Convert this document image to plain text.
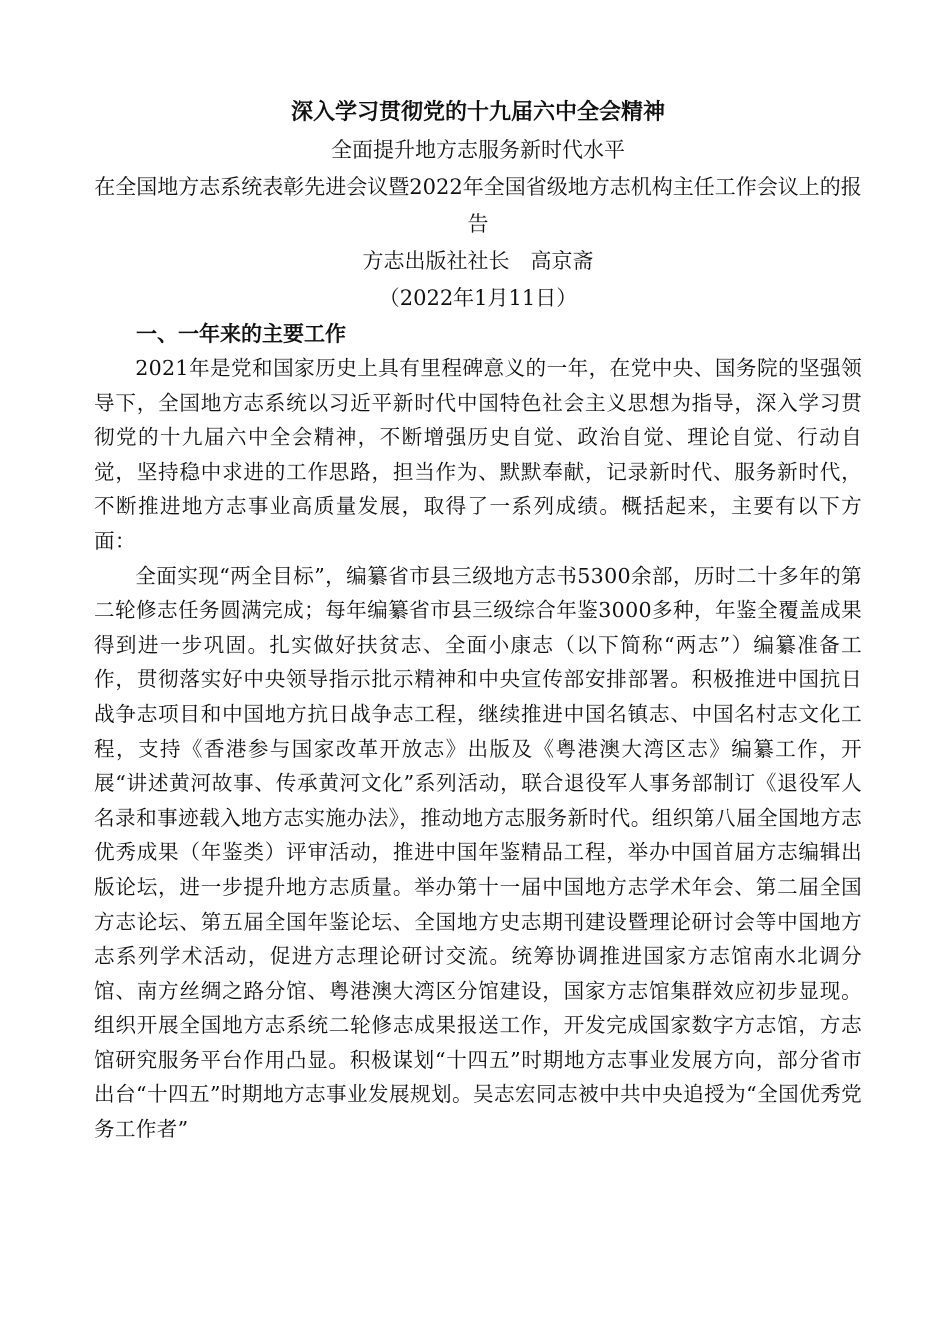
深入学习贯彻党的十九届六中全会精神

全面提升地方志服务新时代水平

在全国地方志系统表彰先进会议暨2022年全国省级地方志机构主任工作会议上的报告

方志出版社社长　高京斋

（2022年1月11日）

一、一年来的主要工作

2021年是党和国家历史上具有里程碑意义的一年，在党中央、国务院的坚强领导下，全国地方志系统以习近平新时代中国特色社会主义思想为指导，深入学习贯彻党的十九届六中全会精神，不断增强历史自觉、政治自觉、理论自觉、行动自觉，坚持稳中求进的工作思路，担当作为、默默奉献，记录新时代、服务新时代，不断推进地方志事业高质量发展，取得了一系列成绩。概括起来，主要有以下方面：

全面实现“两全目标”，编纂省市县三级地方志书5300余部，历时二十多年的第二轮修志任务圆满完成；每年编纂省市县三级综合年鉴3000多种，年鉴全覆盖成果得到进一步巩固。扎实做好扶贫志、全面小康志（以下简称“两志”）编纂准备工作，贯彻落实好中央领导指示批示精神和中央宣传部安排部署。积极推进中国抗日战争志项目和中国地方抗日战争志工程，继续推进中国名镇志、中国名村志文化工程，支持《香港参与国家改革开放志》出版及《粤港澳大湾区志》编纂工作，开展“讲述黄河故事、传承黄河文化”系列活动，联合退役军人事务部制订《退役军人名录和事迹载入地方志实施办法》，推动地方志服务新时代。组织第八届全国地方志优秀成果（年鉴类）评审活动，推进中国年鉴精品工程，举办中国首届方志编辑出版论坛，进一步提升地方志质量。举办第十一届中国地方志学术年会、第二届全国方志论坛、第五届全国年鉴论坛、全国地方史志期刊建设暨理论研讨会等中国地方志系列学术活动，促进方志理论研讨交流。统筹协调推进国家方志馆南水北调分馆、南方丝绸之路分馆、粤港澳大湾区分馆建设，国家方志馆集群效应初步显现。组织开展全国地方志系统二轮修志成果报送工作，开发完成国家数字方志馆，方志馆研究服务平台作用凸显。积极谋划“十四五”时期地方志事业发展方向，部分省市出台“十四五”时期地方志事业发展规划。吴志宏同志被中共中央追授为“全国优秀党务工作者”
